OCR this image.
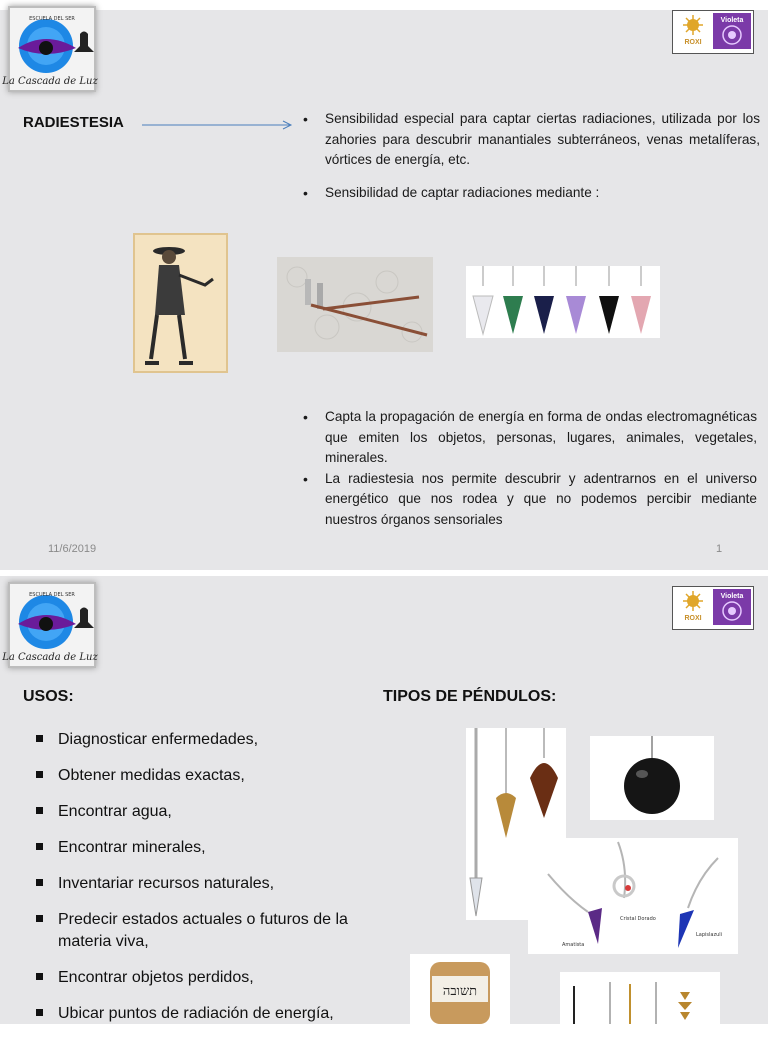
ESCUELA DEL SER
La Cascada de Luz
ROXI
Violeta
RADIESTESIA
•	Sensibilidad especial para captar ciertas radiaciones, utilizada por los zahories para descubrir manantiales subterráneos, venas metalíferas, vórtices de energía, etc.
• Sensibilidad de captar radiaciones mediante :
• Capta la propagación de energía en forma de ondas electromagnéticas que emiten los objetos, personas, lugares, animales, vegetales, minerales.
• La radiestesia nos permite descubrir y adentrarnos en el universo energético que nos rodea y que no podemos percibir mediante nuestros órganos sensoriales
11/6/2019	1
ESCUELA DEL SER
La Cascada de Luz
ROXI
Violeta
USOS:	TIPOS DE PÉNDULOS:
Diagnosticar enfermedades,
Obtener medidas exactas,
Encontrar agua,
Encontrar minerales,
Inventariar recursos naturales,
Predecir estados actuales o futuros de la materia viva,
Encontrar objetos perdidos,
Ubicar puntos de radiación de energía,
Amatista
Cristal Dorado
Lapislazuli
תשובה
